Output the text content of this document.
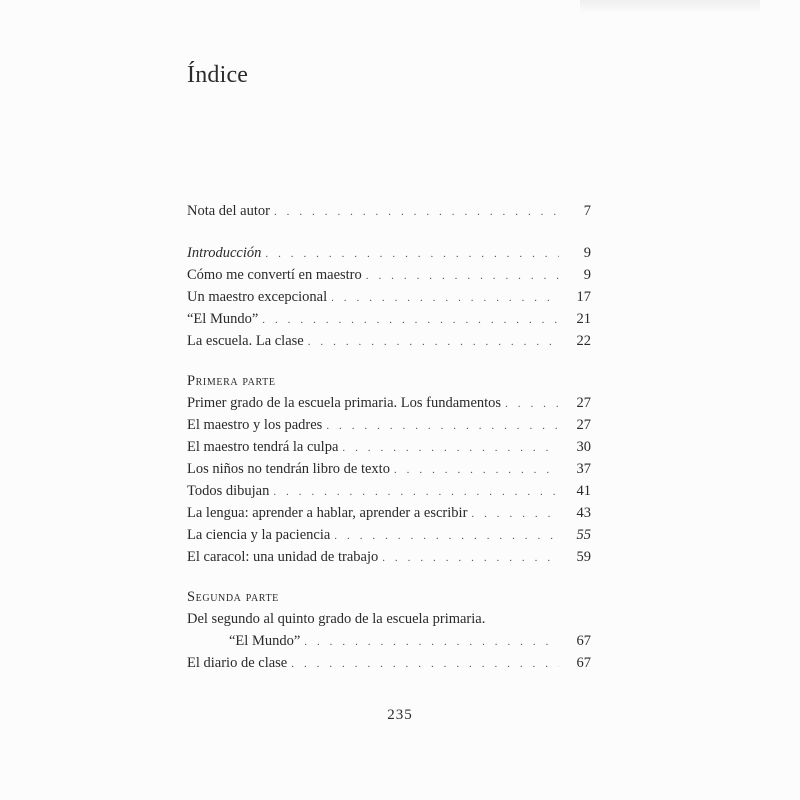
Índice
Nota del autor . . .	7
Introducción . . .	9
Cómo me convertí en maestro . . .	9
Un maestro excepcional . . .	17
“El Mundo” . . .	21
La escuela. La clase . . .	22
Primera parte
Primer grado de la escuela primaria. Los fundamentos . . .	27
El maestro y los padres . . .	27
El maestro tendrá la culpa . . .	30
Los niños no tendrán libro de texto . . .	37
Todos dibujan . . .	41
La lengua: aprender a hablar, aprender a escribir . . .	43
La ciencia y la paciencia . . .	55
El caracol: una unidad de trabajo . . .	59
Segunda parte
Del segundo al quinto grado de la escuela primaria.
“El Mundo” . . .	67
El diario de clase . . .	67
235
